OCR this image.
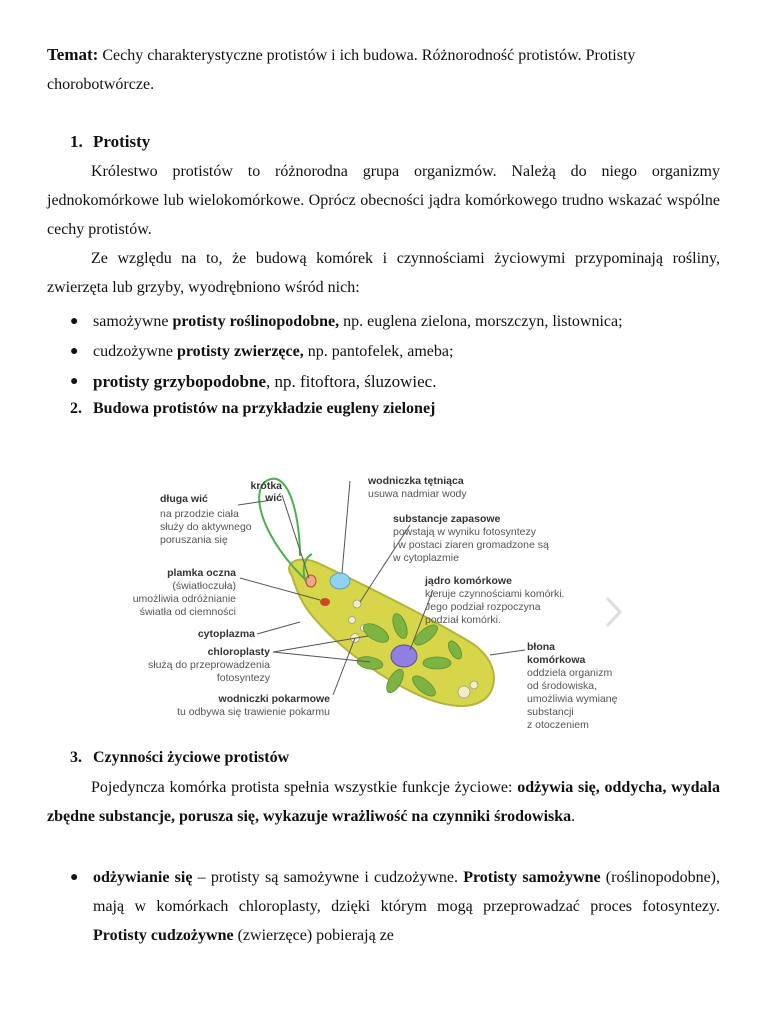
Temat: Cechy charakterystyczne protistów i ich budowa. Różnorodność protistów. Protisty chorobotwórcze.
1. Protisty
Królestwo protistów to różnorodna grupa organizmów. Należą do niego organizmy jednokomórkowe lub wielokomórkowe. Oprócz obecności jądra komórkowego trudno wskazać wspólne cechy protistów.
Ze względu na to, że budową komórek i czynnościami życiowymi przypominają rośliny, zwierzęta lub grzyby, wyodrębniono wśród nich:
● samożywne protisty roślinopodobne, np. euglena zielona, morszczyn, listownica;
● cudzożywne protisty zwierzęce, np. pantofelek, ameba;
● protisty grzybopodobne, np. fitoftora, śluzowiec.
2. Budowa protistów na przykładzie eugleny zielonej
krótka
wić
długa wić
na przodzie ciała
służy do aktywnego
poruszania się
plamka oczna
(światłoczuła)
umożliwia odróżnianie
światła od ciemności
cytoplazma
chloroplasty
służą do przeprowadzenia
fotosyntezy
wodniczki pokarmowe
tu odbywa się trawienie pokarmu
wodniczka tętniąca
usuwa nadmiar wody
substancje zapasowe
powstają w wyniku fotosyntezy
i w postaci ziaren gromadzone są
w cytoplazmie
jądro komórkowe
kieruje czynnościami komórki.
Jego podział rozpoczyna
podział komórki.
błona
komórkowa
oddziela organizm
od środowiska,
umożliwia wymianę
substancji
z otoczeniem
3. Czynności życiowe protistów
Pojedyncza komórka protista spełnia wszystkie funkcje życiowe: odżywia się, oddycha, wydala zbędne substancje, porusza się, wykazuje wrażliwość na czynniki środowiska.
● odżywianie się – protisty są samożywne i cudzożywne. Protisty samożywne (roślinopodobne), mają w komórkach chloroplasty, dzięki którym mogą przeprowadzać proces fotosyntezy. Protisty cudzożywne (zwierzęce) pobierają ze
